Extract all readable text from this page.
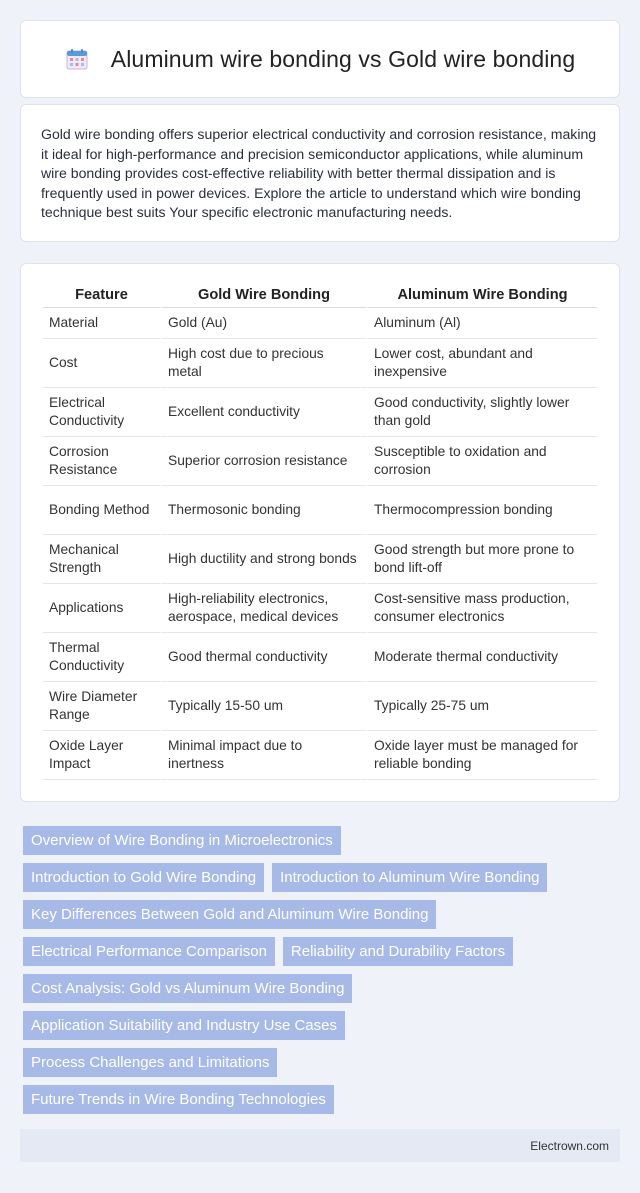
Aluminum wire bonding vs Gold wire bonding

Gold wire bonding offers superior electrical conductivity and corrosion resistance, making it ideal for high-performance and precision semiconductor applications, while aluminum wire bonding provides cost-effective reliability with better thermal dissipation and is frequently used in power devices. Explore the article to understand which wire bonding technique best suits Your specific electronic manufacturing needs.

Feature	Gold Wire Bonding	Aluminum Wire Bonding
Material	Gold (Au)	Aluminum (Al)
Cost	High cost due to precious metal	Lower cost, abundant and inexpensive
Electrical Conductivity	Excellent conductivity	Good conductivity, slightly lower than gold
Corrosion Resistance	Superior corrosion resistance	Susceptible to oxidation and corrosion
Bonding Method	Thermosonic bonding	Thermocompression bonding
Mechanical Strength	High ductility and strong bonds	Good strength but more prone to bond lift-off
Applications	High-reliability electronics, aerospace, medical devices	Cost-sensitive mass production, consumer electronics
Thermal Conductivity	Good thermal conductivity	Moderate thermal conductivity
Wire Diameter Range	Typically 15-50 um	Typically 25-75 um
Oxide Layer Impact	Minimal impact due to inertness	Oxide layer must be managed for reliable bonding
Overview of Wire Bonding in Microelectronics
Introduction to Gold Wire Bonding	Introduction to Aluminum Wire Bonding
Key Differences Between Gold and Aluminum Wire Bonding
Electrical Performance Comparison	Reliability and Durability Factors
Cost Analysis: Gold vs Aluminum Wire Bonding
Application Suitability and Industry Use Cases
Process Challenges and Limitations
Future Trends in Wire Bonding Technologies
Electrown.com
